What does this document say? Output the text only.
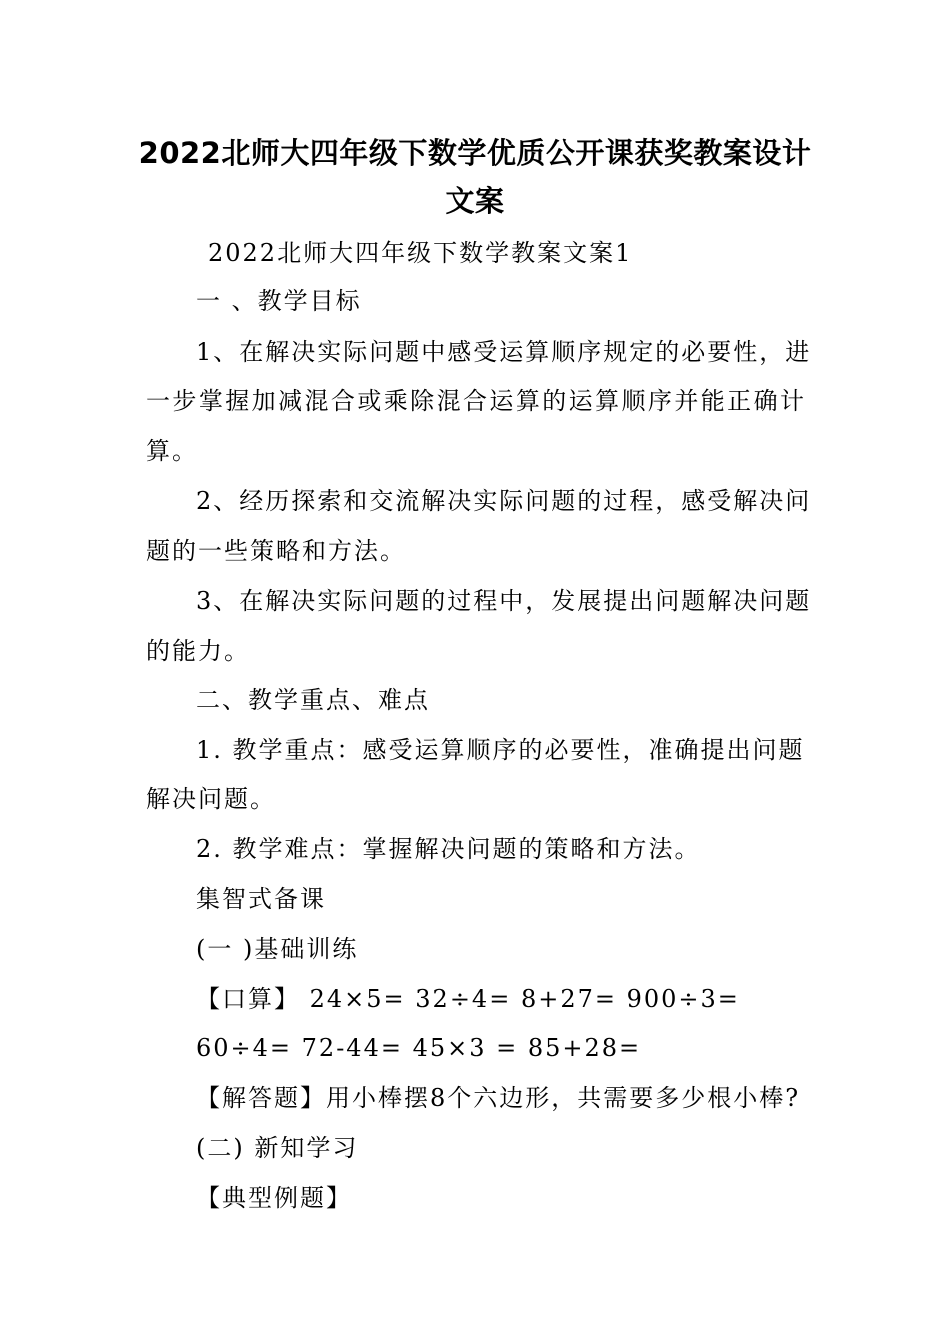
2022北师大四年级下数学优质公开课获奖教案设计
文案
2022北师大四年级下数学教案文案1
一 、教学目标
1、在解决实际问题中感受运算顺序规定的必要性，进
一步掌握加减混合或乘除混合运算的运算顺序并能正确计
算。
2、经历探索和交流解决实际问题的过程，感受解决问
题的一些策略和方法。
3、在解决实际问题的过程中，发展提出问题解决问题
的能力。
二、教学重点、难点
1. 教学重点：感受运算顺序的必要性，准确提出问题
解决问题。
2. 教学难点：掌握解决问题的策略和方法。
集智式备课
(一 )基础训练
【口算】 24×5= 32÷4= 8+27= 900÷3=
60÷4= 72-44= 45×3 = 85+28=
【解答题】用小棒摆8个六边形，共需要多少根小棒?
(二) 新知学习
【典型例题】
